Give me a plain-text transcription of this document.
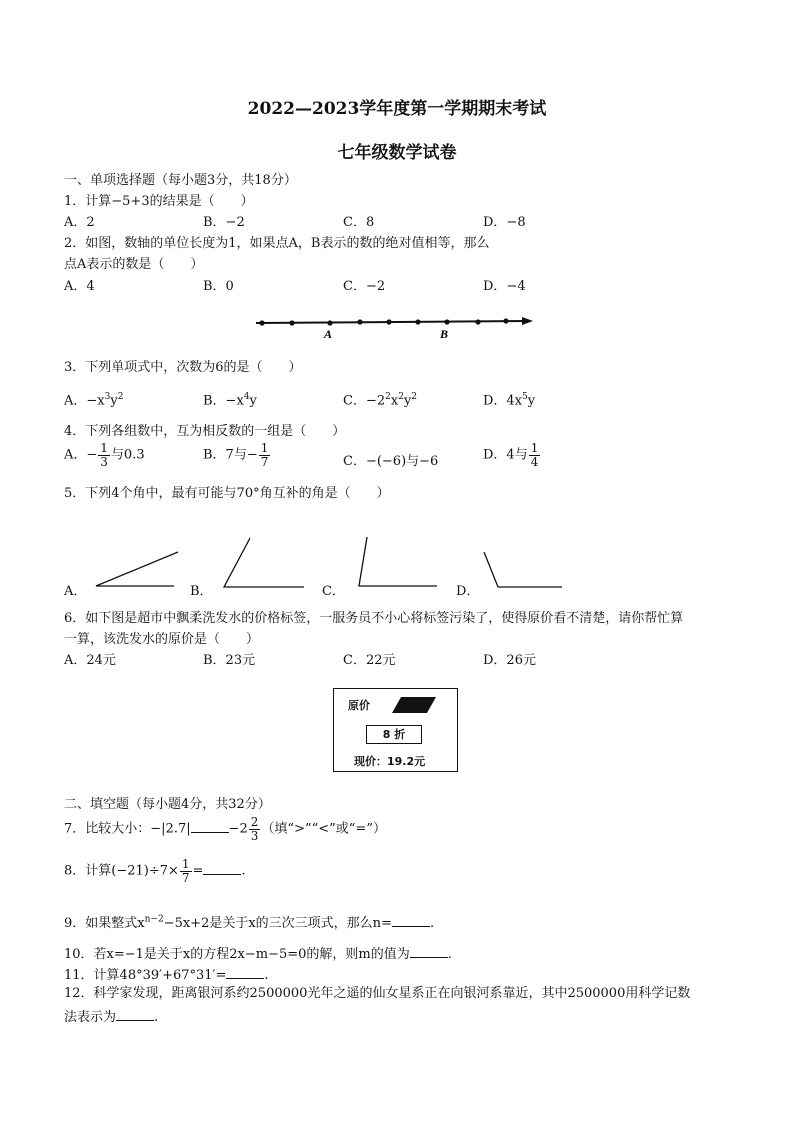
2022—2023学年度第一学期期末考试
七年级数学试卷
一、单项选择题（每小题3分，共18分）
1．计算−5+3的结果是（　　）
A．2	B．−2	C．8	D．−8
2．如图，数轴的单位长度为1，如果点A，B表示的数的绝对值相等，那么
点A表示的数是（　　）
A．4	B．0	C．−2	D．−4
A	B
3．下列单项式中，次数为6的是（　　）
A．$-x^3y^2$	B．$-x^4y$	C．$-2^2x^2y^2$	D．$4x^5y$
4．下列各组数中，互为相反数的一组是（　　）
A．− $\frac{1}{3}$ 与0.3	B．7与− $\frac{1}{7}$	C．−(−6)与−6	D．4与 $\frac{1}{4}$
5．下列4个角中，最有可能与70°角互补的角是（　　）
A．	B．	C．	D．
6．如下图是超市中飘柔洗发水的价格标签，一服务员不小心将标签污染了，使得原价看不清楚，请你帮忙算
一算，该洗发水的原价是（　　）
A．24元	B．23元	C．22元	D．26元
原价
8 折
现价：19.2元
二、填空题（每小题4分，共32分）
7．比较大小：−|2.7|	$-2 \frac{2}{3}$ （填“>”“<”或“=”）
8．计算$(-21)\div 7\times \frac{1}{7}$ =	.
9．如果整式$x^{n-2}-5x+2$是关于x的三次三项式，那么n=	.
10．若x=−1是关于x的方程2x−m−5=0的解，则m的值为	.
11．计算48°39′+67°31′=	.
12．科学家发现，距离银河系约2500000光年之遥的仙女星系正在向银河系靠近，其中2500000用科学记数
法表示为	.
